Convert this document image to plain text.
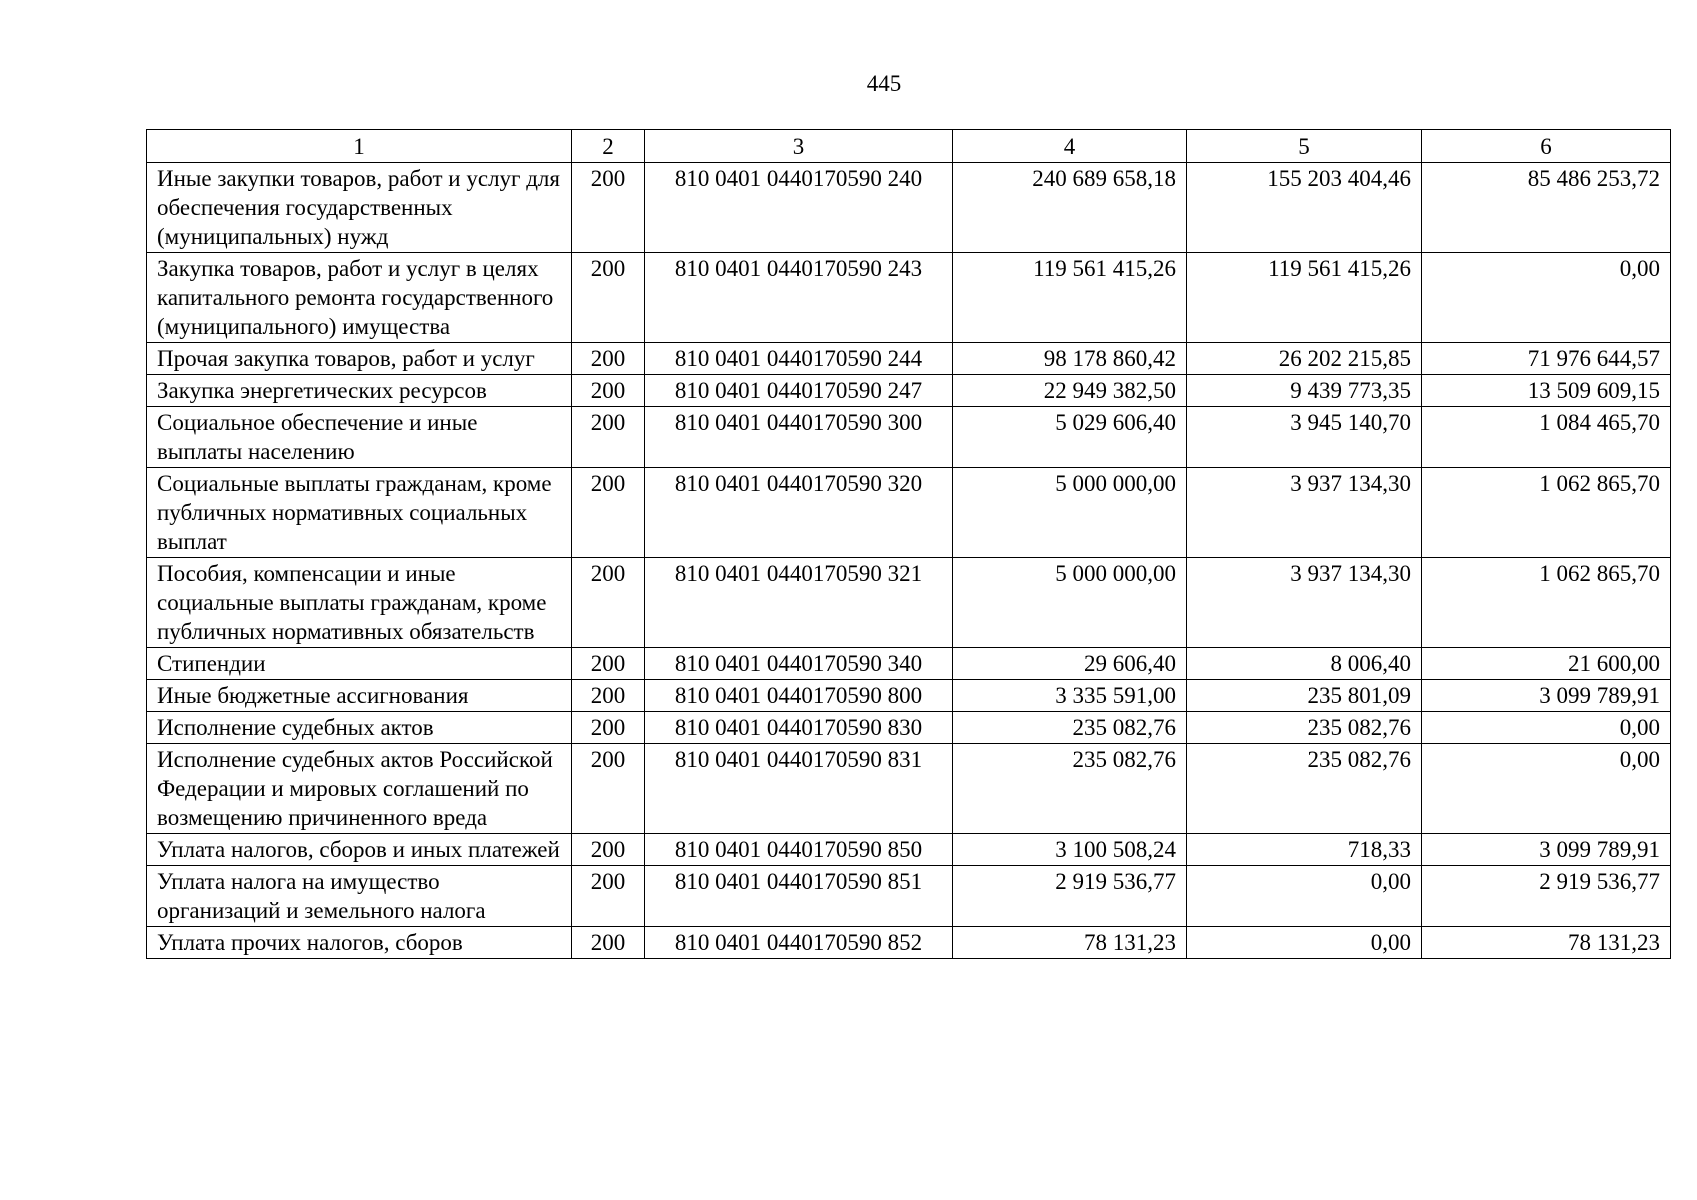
445
1	2	3	4	5	6
Иные закупки товаров, работ и услуг для обеспечения государственных (муниципальных) нужд	200	810 0401 0440170590 240	240 689 658,18	155 203 404,46	85 486 253,72
Закупка товаров, работ и услуг в целях капитального ремонта государственного (муниципального) имущества	200	810 0401 0440170590 243	119 561 415,26	119 561 415,26	0,00
Прочая закупка товаров, работ и услуг	200	810 0401 0440170590 244	98 178 860,42	26 202 215,85	71 976 644,57
Закупка энергетических ресурсов	200	810 0401 0440170590 247	22 949 382,50	9 439 773,35	13 509 609,15
Социальное обеспечение и иные выплаты населению	200	810 0401 0440170590 300	5 029 606,40	3 945 140,70	1 084 465,70
Социальные выплаты гражданам, кроме публичных нормативных социальных выплат	200	810 0401 0440170590 320	5 000 000,00	3 937 134,30	1 062 865,70
Пособия, компенсации и иные социальные выплаты гражданам, кроме публичных нормативных обязательств	200	810 0401 0440170590 321	5 000 000,00	3 937 134,30	1 062 865,70
Стипендии	200	810 0401 0440170590 340	29 606,40	8 006,40	21 600,00
Иные бюджетные ассигнования	200	810 0401 0440170590 800	3 335 591,00	235 801,09	3 099 789,91
Исполнение судебных актов	200	810 0401 0440170590 830	235 082,76	235 082,76	0,00
Исполнение судебных актов Российской Федерации и мировых соглашений по возмещению причиненного вреда	200	810 0401 0440170590 831	235 082,76	235 082,76	0,00
Уплата налогов, сборов и иных платежей	200	810 0401 0440170590 850	3 100 508,24	718,33	3 099 789,91
Уплата налога на имущество организаций и земельного налога	200	810 0401 0440170590 851	2 919 536,77	0,00	2 919 536,77
Уплата прочих налогов, сборов	200	810 0401 0440170590 852	78 131,23	0,00	78 131,23
